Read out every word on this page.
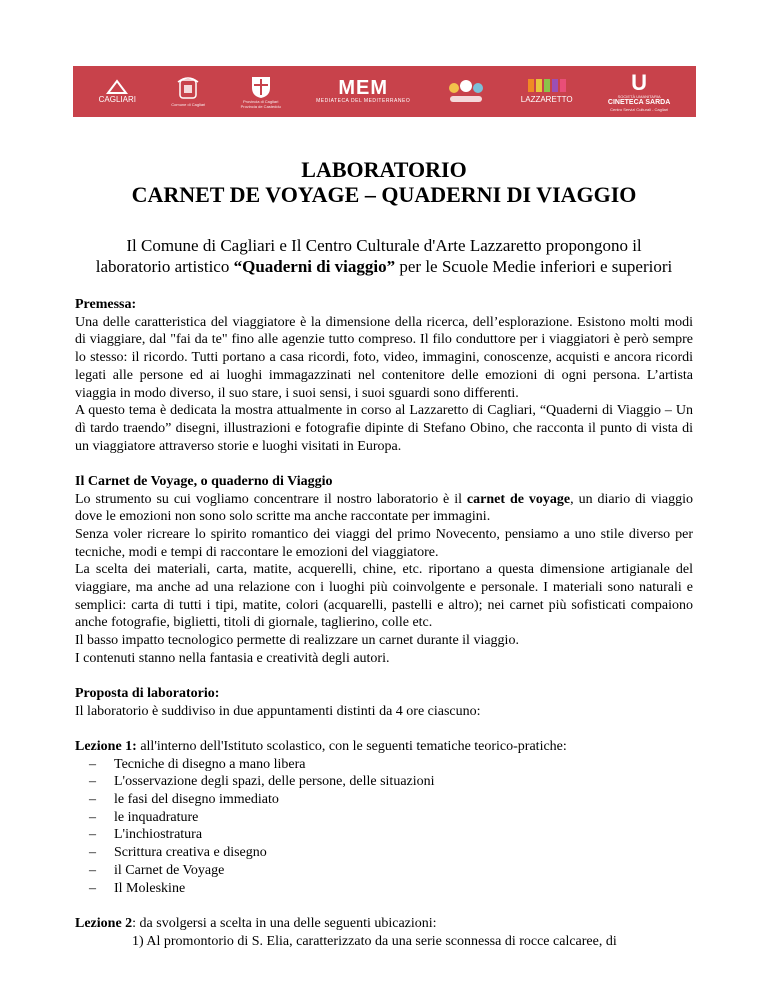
CAGLIARI
Comune di Cagliari
Provincia di Cagliari
Provincia de Casteddu
MEM
MEDIATECA DEL MEDITERRANEO	LAZZARETTO
U
SOCIETÀ UMANITARIA
CINETECA SARDA
Centro Servizi Culturali - Cagliari
LABORATORIO
CARNET DE VOYAGE – QUADERNI DI VIAGGIO
Il Comune di Cagliari e Il Centro Culturale d'Arte Lazzaretto propongono il
laboratorio artistico “Quaderni di viaggio” per le Scuole Medie inferiori e superiori

Premessa:

Una delle caratteristica del viaggiatore è la dimensione della ricerca, dell’esplorazione. Esistono molti modi di viaggiare, dal "fai da te" fino alle agenzie tutto compreso. Il filo conduttore per i viaggiatori è però sempre lo stesso: il ricordo. Tutti portano a casa ricordi, foto, video, immagini, conoscenze, acquisti e ancora ricordi legati alle persone ed ai luoghi immagazzinati nel contenitore delle emozioni di ogni persona. L’artista viaggia in modo diverso, il suo stare, i suoi sensi, i suoi sguardi sono differenti.

A questo tema è dedicata la mostra attualmente in corso al Lazzaretto di Cagliari, “Quaderni di Viaggio – Un dì tardo traendo” disegni, illustrazioni e fotografie dipinte di Stefano Obino, che racconta il punto di vista di un viaggiatore attraverso storie e luoghi visitati in Europa.

Il Carnet de Voyage, o quaderno di Viaggio

Lo strumento su cui vogliamo concentrare il nostro laboratorio è il carnet de voyage, un diario di viaggio dove le emozioni non sono solo scritte ma anche raccontate per immagini.

Senza voler ricreare lo spirito romantico dei viaggi del primo Novecento, pensiamo a uno stile diverso per tecniche, modi e tempi di raccontare le emozioni del viaggiatore.

La scelta dei materiali, carta, matite, acquerelli, chine, etc. riportano a questa dimensione artigianale del viaggiare, ma anche ad una relazione con i luoghi più coinvolgente e personale. I materiali sono naturali e semplici: carta di tutti i tipi, matite, colori (acquarelli, pastelli e altro); nei carnet più sofisticati compaiono anche fotografie, biglietti, titoli di giornale, taglierino, colle etc.

Il basso impatto tecnologico permette di realizzare un carnet durante il viaggio.

I contenuti stanno nella fantasia e creatività degli autori.

Proposta di laboratorio:

Il laboratorio è suddiviso in due appuntamenti distinti da 4 ore ciascuno:

Lezione 1: all'interno dell'Istituto scolastico, con le seguenti tematiche teorico-pratiche:

– Tecniche di disegno a mano libera
– L'osservazione degli spazi, delle persone, delle situazioni
– le fasi del disegno immediato
– le inquadrature
– L'inchiostratura
– Scrittura creativa e disegno
– il Carnet de Voyage
– Il Moleskine

Lezione 2: da svolgersi a scelta in una delle seguenti ubicazioni:

1) Al promontorio di S. Elia, caratterizzato da una serie sconnessa di rocce calcaree, di
